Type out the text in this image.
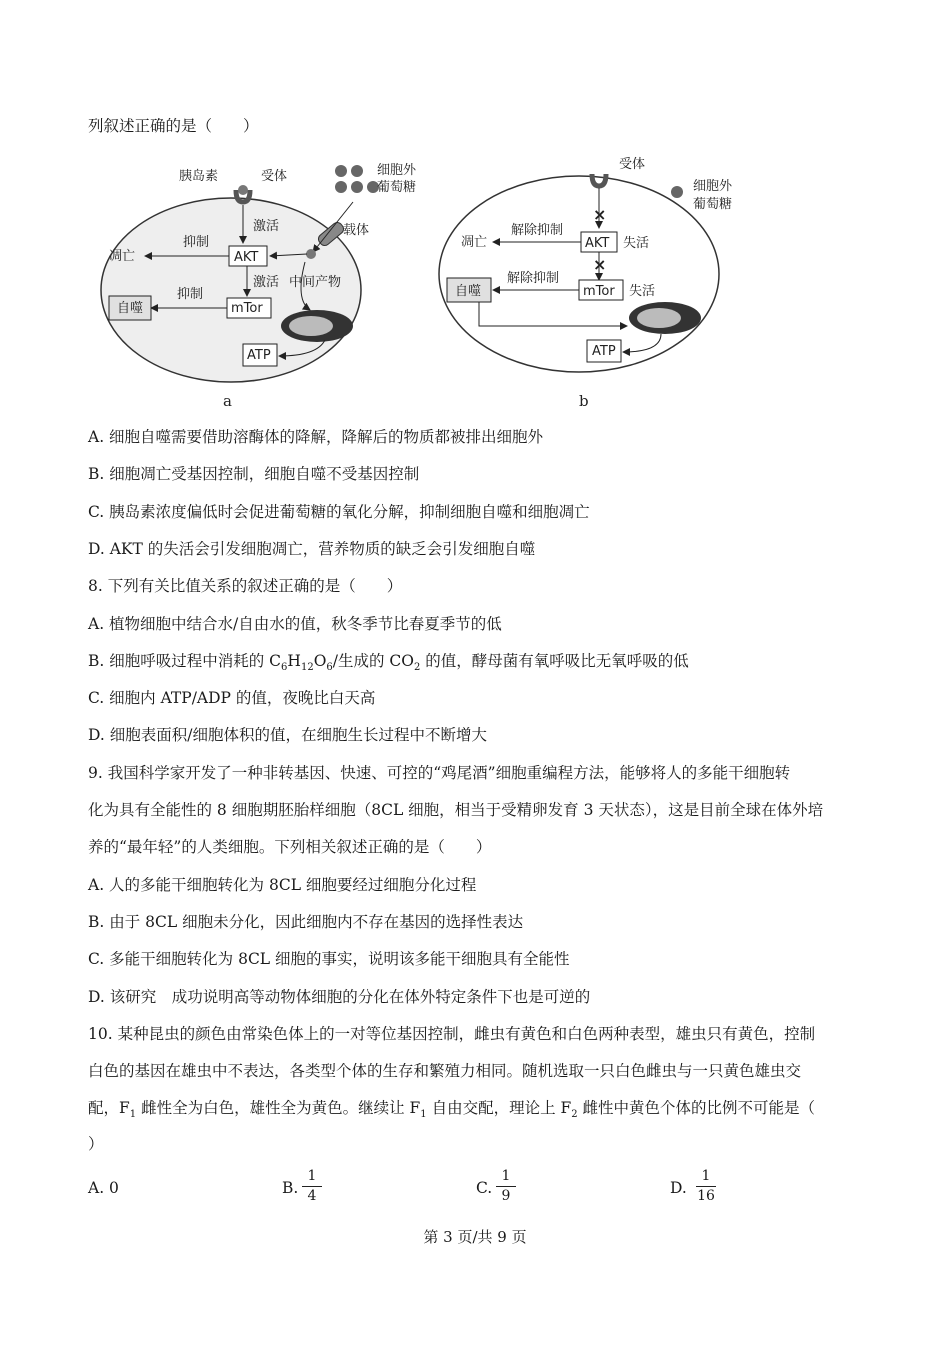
列叙述正确的是（　　）
胰岛素	受体	细胞外
葡萄糖
激活	载体
抑制
凋亡	AKT
激活 中间产物
抑制
自噬	mTor
ATP
a
×
×
受体
细胞外
葡萄糖
解除抑制
凋亡	AKT 失活
解除抑制
自噬	mTor 失活
ATP
b
A. 细胞自噬需要借助溶酶体的降解，降解后的物质都被排出细胞外
B. 细胞凋亡受基因控制，细胞自噬不受基因控制
C. 胰岛素浓度偏低时会促进葡萄糖的氧化分解，抑制细胞自噬和细胞凋亡
D. AKT 的失活会引发细胞凋亡，营养物质的缺乏会引发细胞自噬
8. 下列有关比值关系的叙述正确的是（　　）
A. 植物细胞中结合水/自由水的值，秋冬季节比春夏季节的低
B. 细胞呼吸过程中消耗的 $C_6H_{12}O_6/$生成的 $CO_2$ 的值，酵母菌有氧呼吸比无氧呼吸的低
C. 细胞内 ATP/ADP 的值，夜晚比白天高
D. 细胞表面积/细胞体积的值，在细胞生长过程中不断增大
9. 我国科学家开发了一种非转基因、快速、可控的“鸡尾酒”细胞重编程方法，能够将人的多能干细胞转
化为具有全能性的 8 细胞期胚胎样细胞（8CL 细胞，相当于受精卵发育 3 天状态），这是目前全球在体外培
养的“最年轻”的人类细胞。下列相关叙述正确的是（　　）
A. 人的多能干细胞转化为 8CL 细胞要经过细胞分化过程
B. 由于 8CL 细胞未分化，因此细胞内不存在基因的选择性表达
C. 多能干细胞转化为 8CL 细胞的事实，说明该多能干细胞具有全能性
D. 该研究　成功说明高等动物体细胞的分化在体外特定条件下也是可逆的
10. 某种昆虫的颜色由常染色体上的一对等位基因控制，雌虫有黄色和白色两种表型，雄虫只有黄色，控制
白色的基因在雄虫中不表达，各类型个体的生存和繁殖力相同。随机选取一只白色雌虫与一只黄色雄虫交
配，$F_1$ 雌性全为白色，雄性全为黄色。继续让 $F_1$ 自由交配，理论上 $F_2$ 雌性中黄色个体的比例不可能是（
）
A. 0	B.
1
4	C.
1
9	D.
1
16
第 3 页/共 9 页
